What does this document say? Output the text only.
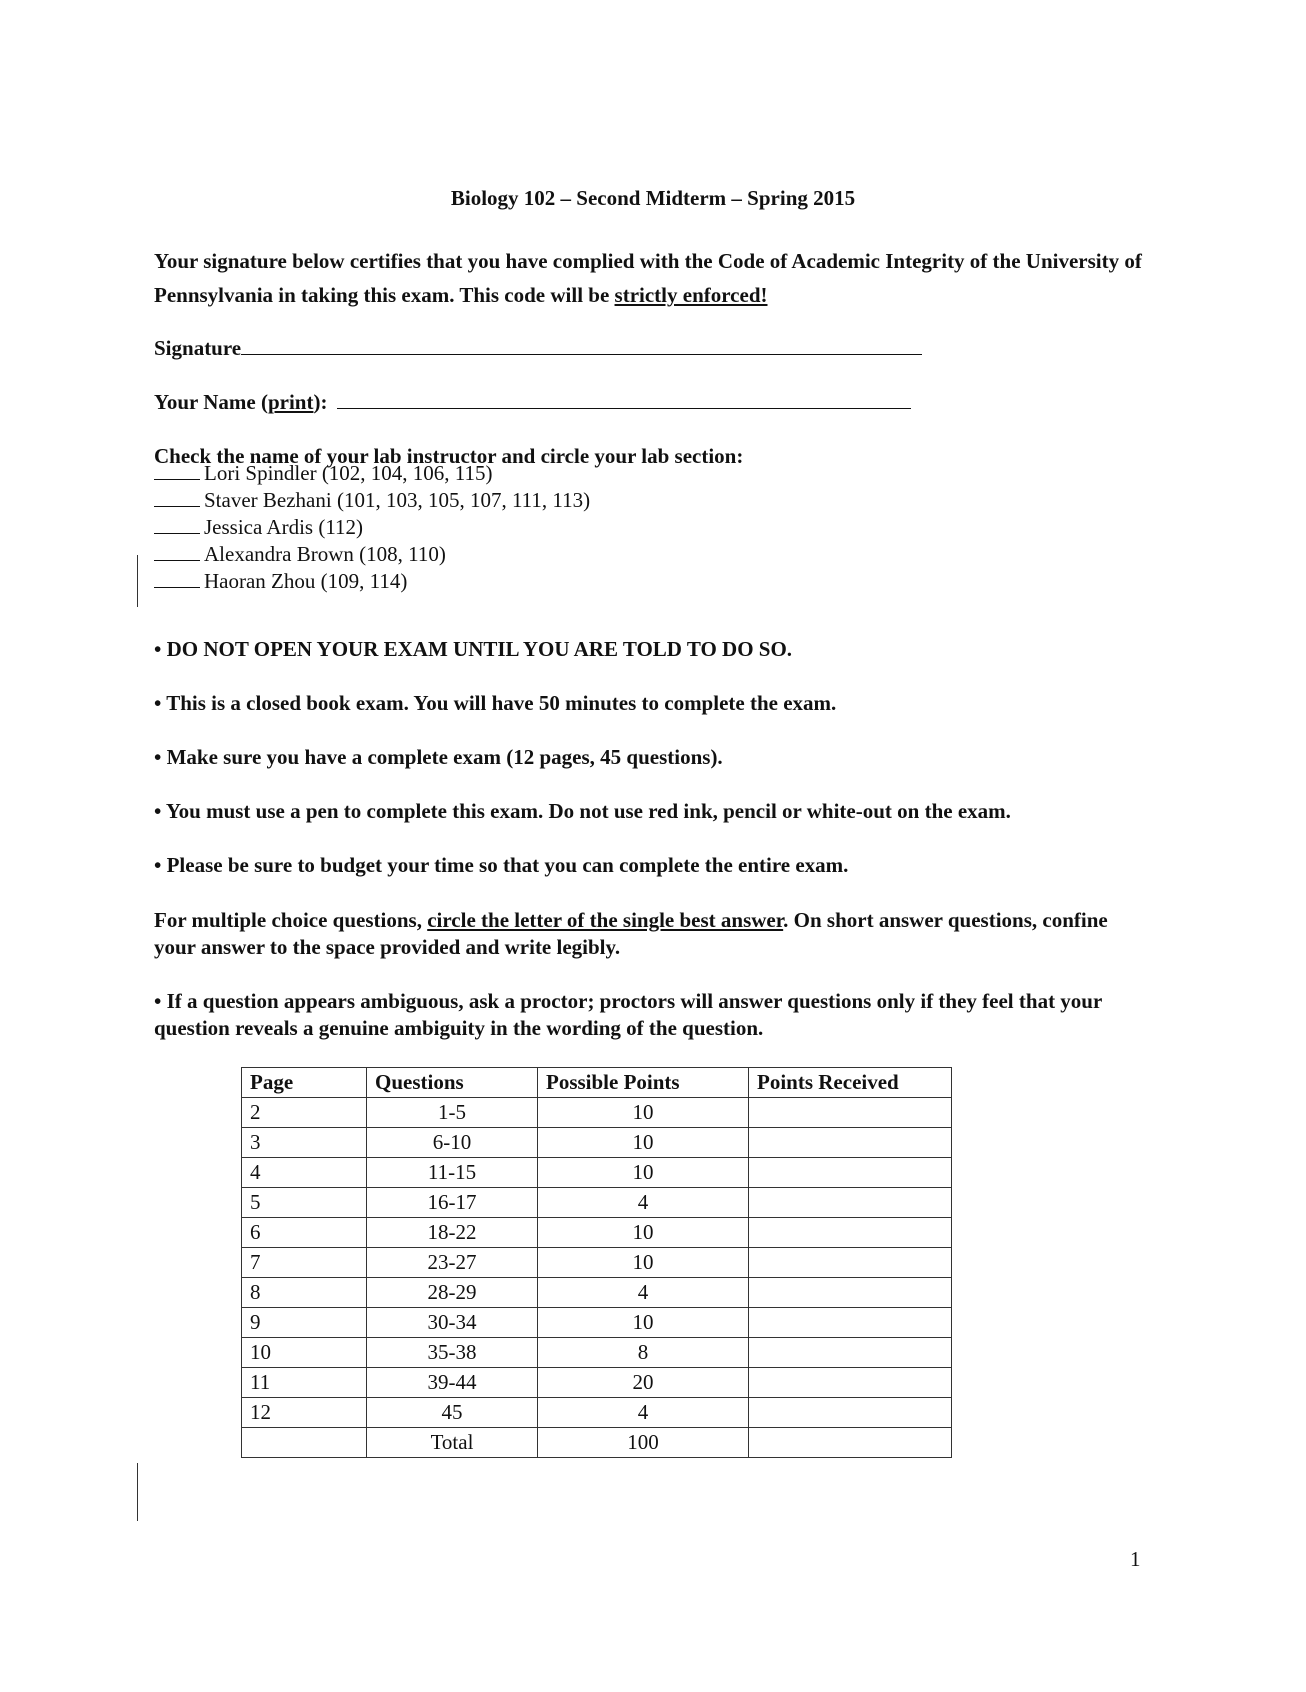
Biology 102 – Second Midterm – Spring 2015
Your signature below certifies that you have complied with the Code of Academic Integrity of the University of Pennsylvania in taking this exam. This code will be strictly enforced!
Signature
Your Name (print):
Check the name of your lab instructor and circle your lab section:
Lori Spindler (102, 104, 106, 115)
Staver Bezhani (101, 103, 105, 107, 111, 113)
Jessica Ardis (112)
Alexandra Brown (108, 110)
Haoran Zhou (109, 114)
• DO NOT OPEN YOUR EXAM UNTIL YOU ARE TOLD TO DO SO.
• This is a closed book exam. You will have 50 minutes to complete the exam.
• Make sure you have a complete exam (12 pages, 45 questions).
• You must use a pen to complete this exam. Do not use red ink, pencil or white-out on the exam.
• Please be sure to budget your time so that you can complete the entire exam.
For multiple choice questions, circle the letter of the single best answer. On short answer questions, confine your answer to the space provided and write legibly.
• If a question appears ambiguous, ask a proctor; proctors will answer questions only if they feel that your question reveals a genuine ambiguity in the wording of the question.
Page	Questions	Possible Points	Points Received
2	1-5	10	
3	6-10	10	
4	11-15	10	
5	16-17	4	
6	18-22	10	
7	23-27	10	
8	28-29	4	
9	30-34	10	
10	35-38	8	
11	39-44	20	
12	45	4	
	Total	100	
1
